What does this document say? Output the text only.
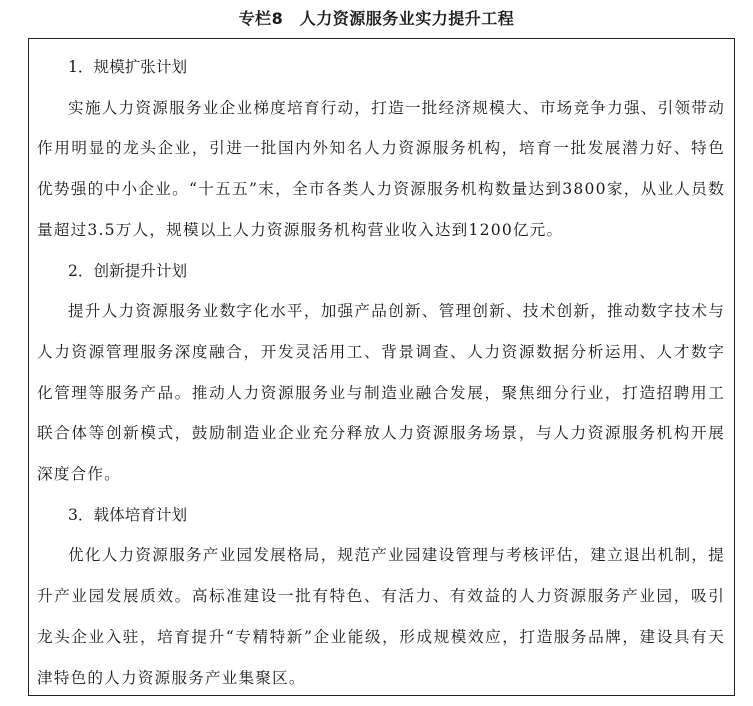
专栏8　人力资源服务业实力提升工程

1．规模扩张计划

实施人力资源服务业企业梯度培育行动，打造一批经济规模大、市场竞争力强、引领带动作用明显的龙头企业，引进一批国内外知名人力资源服务机构，培育一批发展潜力好、特色优势强的中小企业。“十五五”末，全市各类人力资源服务机构数量达到3800家，从业人员数量超过3.5万人，规模以上人力资源服务机构营业收入达到1200亿元。

2．创新提升计划

提升人力资源服务业数字化水平，加强产品创新、管理创新、技术创新，推动数字技术与人力资源管理服务深度融合，开发灵活用工、背景调查、人力资源数据分析运用、人才数字化管理等服务产品。推动人力资源服务业与制造业融合发展，聚焦细分行业，打造招聘用工联合体等创新模式，鼓励制造业企业充分释放人力资源服务场景，与人力资源服务机构开展深度合作。

3．载体培育计划

优化人力资源服务产业园发展格局，规范产业园建设管理与考核评估，建立退出机制，提升产业园发展质效。高标准建设一批有特色、有活力、有效益的人力资源服务产业园，吸引龙头企业入驻，培育提升“专精特新”企业能级，形成规模效应，打造服务品牌，建设具有天津特色的人力资源服务产业集聚区。
